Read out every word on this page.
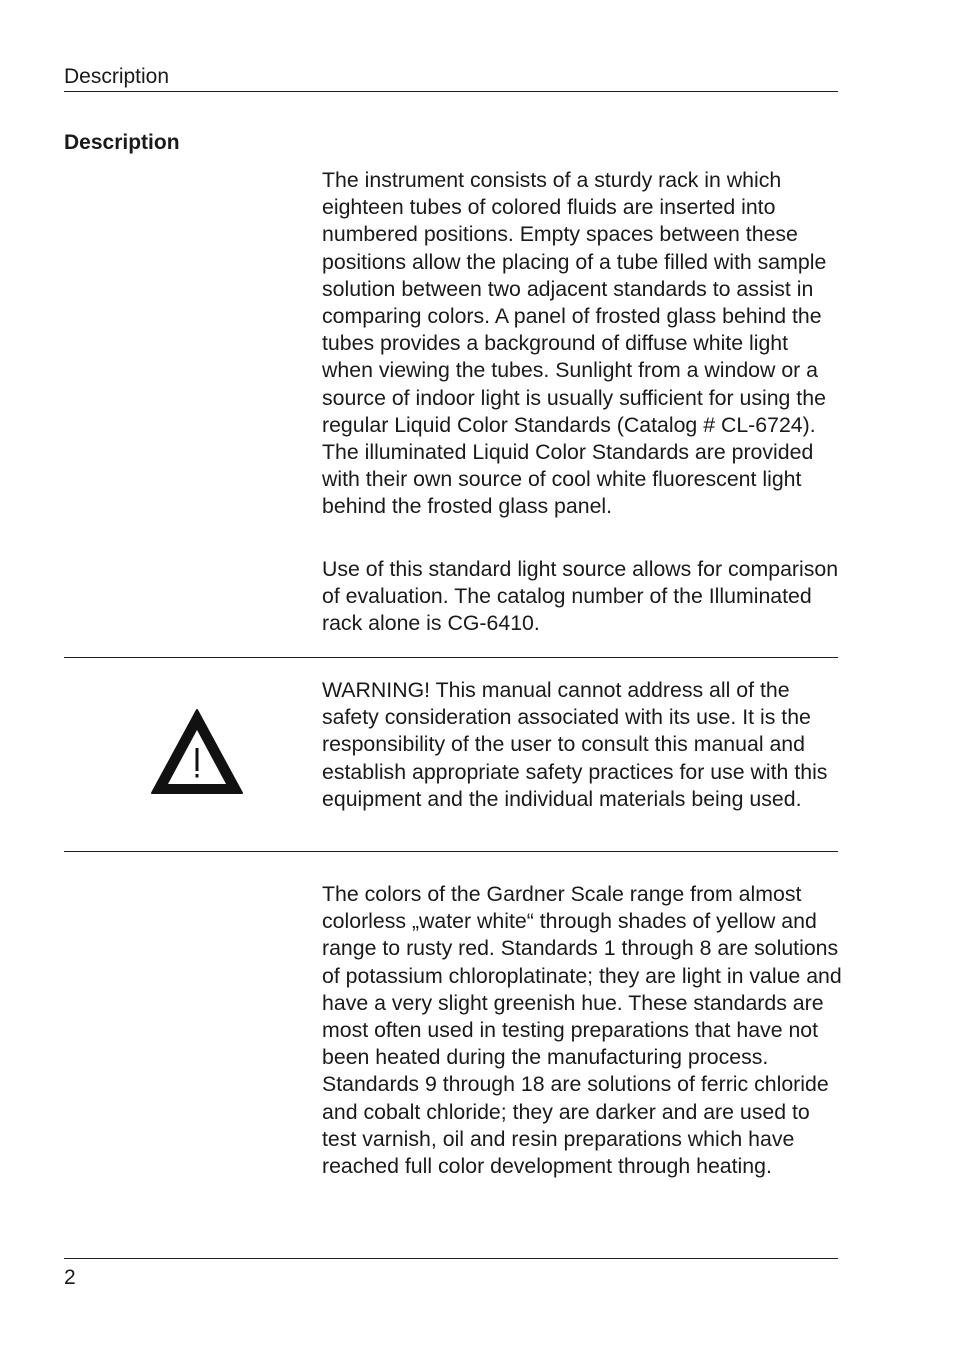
Description
Description

The instrument consists of a sturdy rack in which eighteen tubes of colored fluids are inserted into numbered positions. Empty spaces between these positions allow the placing of a tube filled with sample solution between two adjacent standards to assist in comparing colors. A panel of frosted glass behind the tubes provides a background of diffuse white light when viewing the tubes. Sunlight from a window or a source of indoor light is usually sufficient for using the regular Liquid Color Standards (Catalog # CL-6724). The illuminated Liquid Color Standards are provided with their own source of cool white fluorescent light behind the frosted glass panel.

Use of this standard light source allows for comparison of evaluation. The catalog number of the Illuminated rack alone is CG-6410.

WARNING! This manual cannot address all of the safety consideration associated with its use. It is the responsibility of the user to consult this manual and establish appropriate safety practices for use with this equipment and the individual materials being used.

The colors of the Gardner Scale range from almost colorless „water white“ through shades of yellow and range to rusty red. Standards 1 through 8 are solutions of potassium chloroplatinate; they are light in value and have a very slight greenish hue. These standards are most often used in testing preparations that have not been heated during the manufacturing process. Standards 9 through 18 are solutions of ferric chloride and cobalt chloride; they are darker and are used to test varnish, oil and resin preparations which have reached full color development through heating.

2
